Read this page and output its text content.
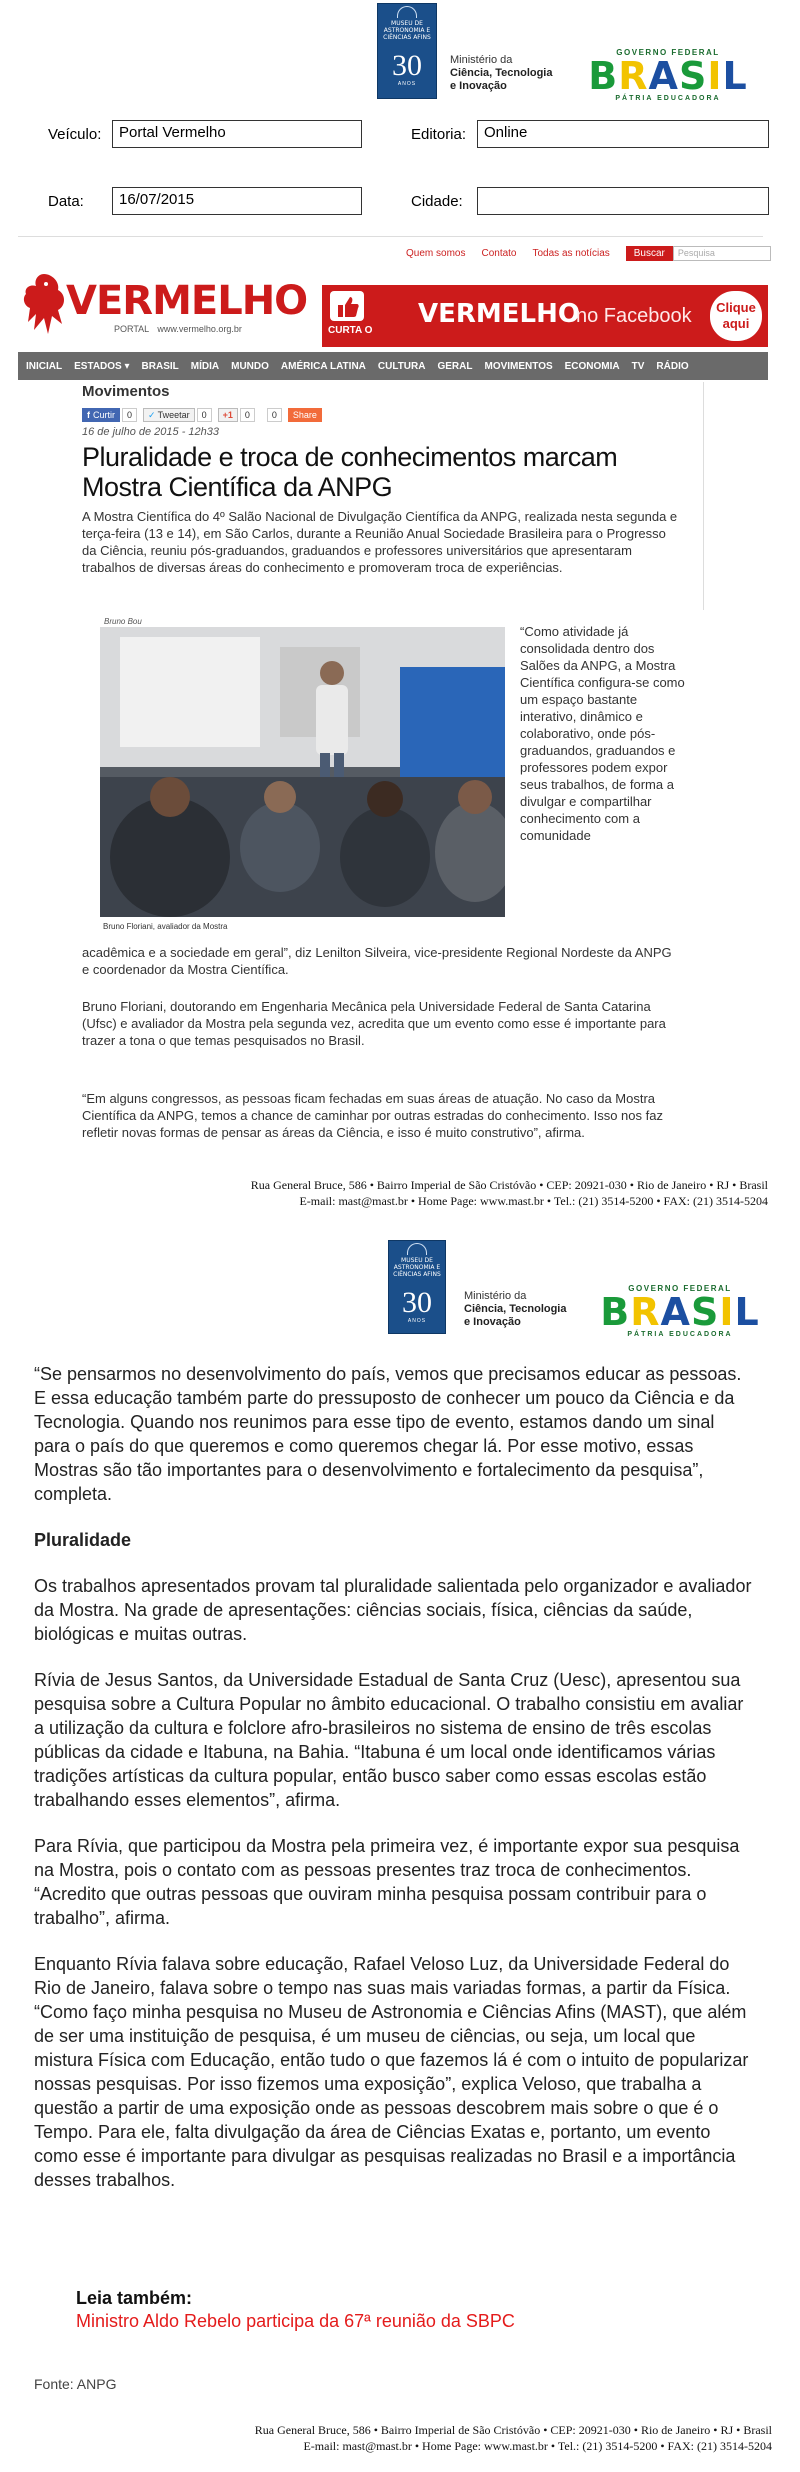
MUSEU DE ASTRONOMIA E CIÊNCIAS AFINS
30
ANOS
Ministério da
Ciência, Tecnologia
e Inovação
GOVERNO FEDERAL
BRASIL
PÁTRIA EDUCADORA
Veículo:	Portal Vermelho	Editoria:	Online
Data:	16/07/2015	Cidade:
Quem somos Contato Todas as notícias	Buscar	Pesquisa
VERMELHO
PORTAL www.vermelho.org.br	CURTA O
VERMELHO
no Facebook	Clique aqui
INICIAL ESTADOS ▾ BRASIL MÍDIA MUNDO AMÉRICA LATINA CULTURA GERAL MOVIMENTOS ECONOMIA TV RÁDIO
Movimentos
f Curtir	0	✓ Tweetar	0	+1	0	0	Share
16 de julho de 2015 - 12h33
Pluralidade e troca de conhecimentos marcam Mostra Científica da ANPG
A Mostra Científica do 4º Salão Nacional de Divulgação Científica da ANPG, realizada nesta segunda e terça-feira (13 e 14), em São Carlos, durante a Reunião Anual Sociedade Brasileira para o Progresso da Ciência, reuniu pós-graduandos, graduandos e professores universitários que apresentaram trabalhos de diversas áreas do conhecimento e promoveram troca de experiências.
Bruno Bou
Bruno Floriani, avaliador da Mostra
“Como atividade já consolidada dentro dos Salões da ANPG, a Mostra Científica configura-se como um espaço bastante interativo, dinâmico e colaborativo, onde pós-graduandos, graduandos e professores podem expor seus trabalhos, de forma a divulgar e compartilhar conhecimento com a comunidade
acadêmica e a sociedade em geral”, diz Lenilton Silveira, vice-presidente Regional Nordeste da ANPG e coordenador da Mostra Científica.
Bruno Floriani, doutorando em Engenharia Mecânica pela Universidade Federal de Santa Catarina (Ufsc) e avaliador da Mostra pela segunda vez, acredita que um evento como esse é importante para trazer a tona o que temas pesquisados no Brasil.
“Em alguns congressos, as pessoas ficam fechadas em suas áreas de atuação. No caso da Mostra Científica da ANPG, temos a chance de caminhar por outras estradas do conhecimento. Isso nos faz refletir novas formas de pensar as áreas da Ciência, e isso é muito construtivo”, afirma.
Rua General Bruce, 586 • Bairro Imperial de São Cristóvão • CEP: 20921-030 • Rio de Janeiro • RJ • Brasil
E-mail: mast@mast.br • Home Page: www.mast.br • Tel.: (21) 3514-5200 • FAX: (21) 3514-5204
MUSEU DE ASTRONOMIA E CIÊNCIAS AFINS
30
ANOS
Ministério da
Ciência, Tecnologia
e Inovação
GOVERNO FEDERAL
BRASIL
PÁTRIA EDUCADORA

“Se pensarmos no desenvolvimento do país, vemos que precisamos educar as pessoas. E essa educação também parte do pressuposto de conhecer um pouco da Ciência e da Tecnologia. Quando nos reunimos para esse tipo de evento, estamos dando um sinal para o país do que queremos e como queremos chegar lá. Por esse motivo, essas Mostras são tão importantes para o desenvolvimento e fortalecimento da pesquisa”, completa.

Pluralidade

Os trabalhos apresentados provam tal pluralidade salientada pelo organizador e avaliador da Mostra. Na grade de apresentações: ciências sociais, física, ciências da saúde, biológicas e muitas outras.

Rívia de Jesus Santos, da Universidade Estadual de Santa Cruz (Uesc), apresentou sua pesquisa sobre a Cultura Popular no âmbito educacional. O trabalho consistiu em avaliar a utilização da cultura e folclore afro-brasileiros no sistema de ensino de três escolas públicas da cidade e Itabuna, na Bahia. “Itabuna é um local onde identificamos várias tradições artísticas da cultura popular, então busco saber como essas escolas estão trabalhando esses elementos”, afirma.

Para Rívia, que participou da Mostra pela primeira vez, é importante expor sua pesquisa na Mostra, pois o contato com as pessoas presentes traz troca de conhecimentos. “Acredito que outras pessoas que ouviram minha pesquisa possam contribuir para o trabalho”, afirma.

Enquanto Rívia falava sobre educação, Rafael Veloso Luz, da Universidade Federal do Rio de Janeiro, falava sobre o tempo nas suas mais variadas formas, a partir da Física. “Como faço minha pesquisa no Museu de Astronomia e Ciências Afins (MAST), que além de ser uma instituição de pesquisa, é um museu de ciências, ou seja, um local que mistura Física com Educação, então tudo o que fazemos lá é com o intuito de popularizar nossas pesquisas. Por isso fizemos uma exposição”, explica Veloso, que trabalha a questão a partir de uma exposição onde as pessoas descobrem mais sobre o que é o Tempo. Para ele, falta divulgação da área de Ciências Exatas e, portanto, um evento como esse é importante para divulgar as pesquisas realizadas no Brasil e a importância desses trabalhos.

Leia também:
Ministro Aldo Rebelo participa da 67ª reunião da SBPC
Fonte: ANPG
Rua General Bruce, 586 • Bairro Imperial de São Cristóvão • CEP: 20921-030 • Rio de Janeiro • RJ • Brasil
E-mail: mast@mast.br • Home Page: www.mast.br • Tel.: (21) 3514-5200 • FAX: (21) 3514-5204
